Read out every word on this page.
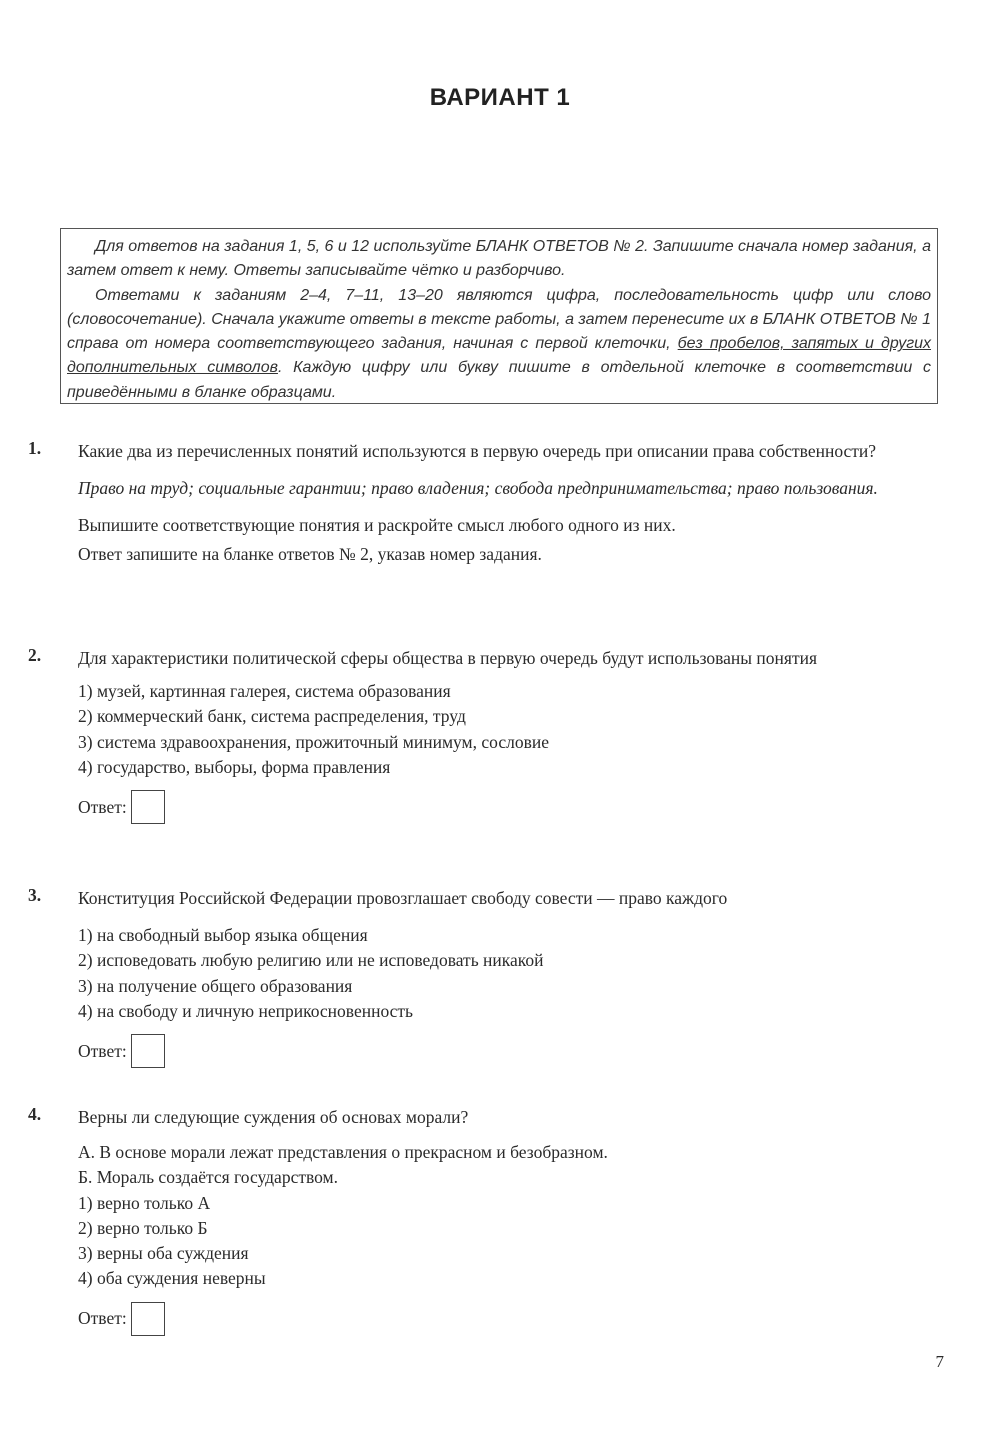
ВАРИАНТ 1

Для ответов на задания 1, 5, 6 и 12 используйте БЛАНК ОТВЕТОВ № 2. Запишите сначала номер задания, а затем ответ к нему. Ответы записывайте чётко и разборчиво.

Ответами к заданиям 2–4, 7–11, 13–20 являются цифра, последовательность цифр или слово (словосочетание). Сначала укажите ответы в тексте работы, а затем перенесите их в БЛАНК ОТВЕТОВ № 1 справа от номера соответствующего задания, начиная с первой клеточки, без пробелов, запятых и других дополнительных символов. Каждую цифру или букву пишите в отдельной клеточке в соответствии с приведёнными в бланке образцами.

1. Какие два из перечисленных понятий используются в первую очередь при описании права собственности?

Право на труд; социальные гарантии; право владения; свобода предпринимательства; право пользования.

Выпишите соответствующие понятия и раскройте смысл любого одного из них.

Ответ запишите на бланке ответов № 2, указав номер задания.

2. Для характеристики политической сферы общества в первую очередь будут использованы понятия

1) музей, картинная галерея, система образования
2) коммерческий банк, система распределения, труд
3) система здравоохранения, прожиточный минимум, сословие
4) государство, выборы, форма правления
Ответ:
3. Конституция Российской Федерации провозглашает свободу совести — право каждого

1) на свободный выбор языка общения
2) исповедовать любую религию или не исповедовать никакой
3) на получение общего образования
4) на свободу и личную неприкосновенность
Ответ:
4. Верны ли следующие суждения об основах морали?

А. В основе морали лежат представления о прекрасном и безобразном.
Б. Мораль создаётся государством.
1) верно только А
2) верно только Б
3) верны оба суждения
4) оба суждения неверны
Ответ:
7
